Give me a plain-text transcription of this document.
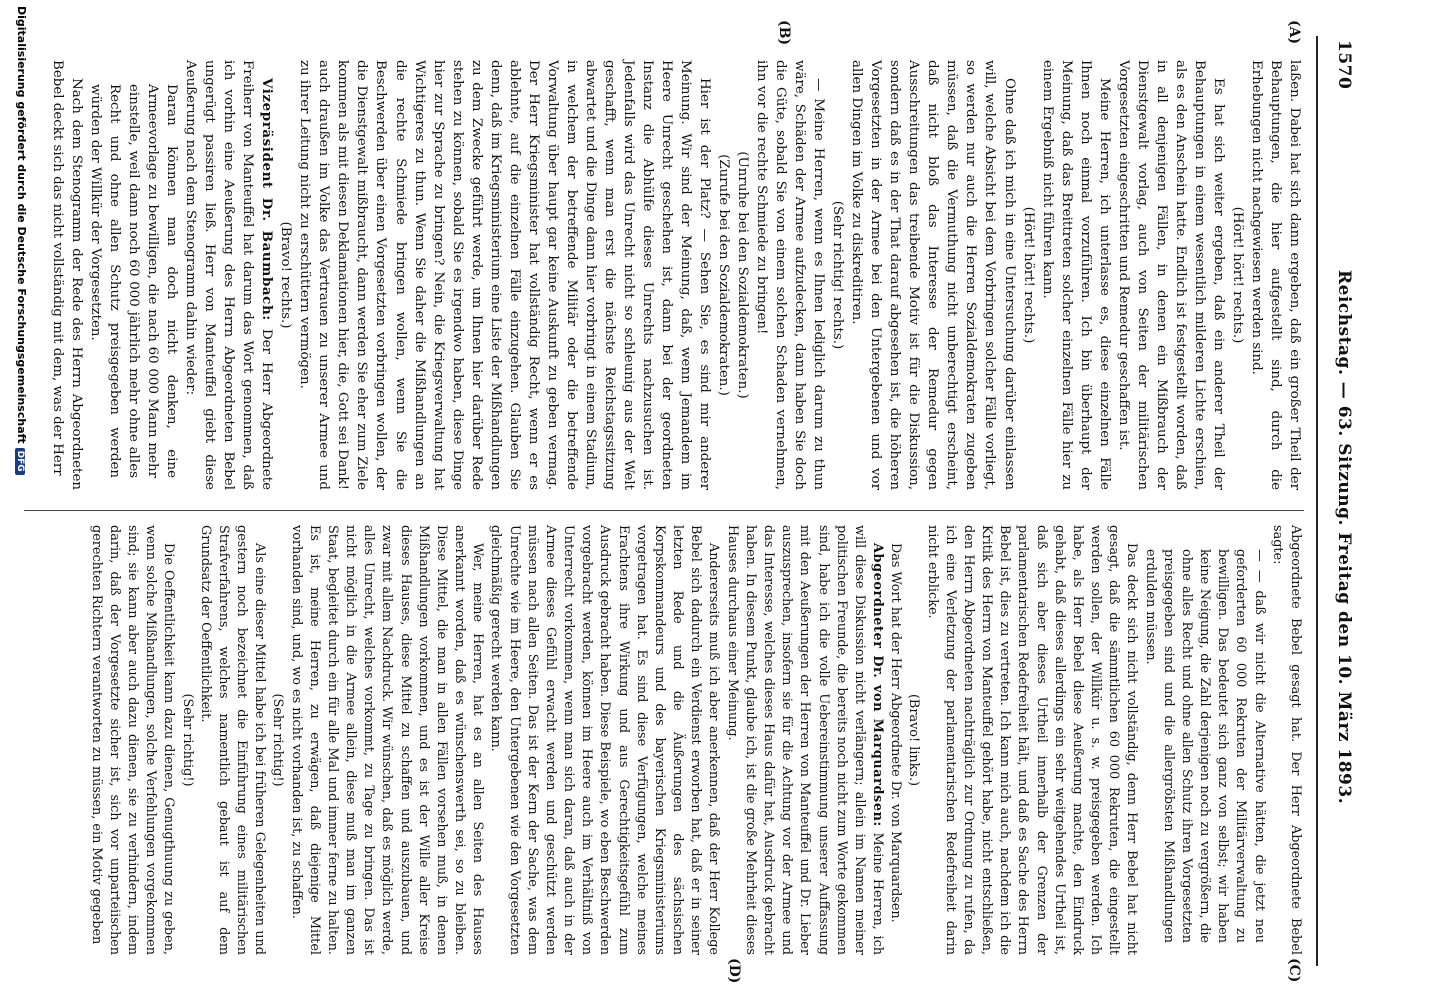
1570
Reichstag. — 63. Sitzung. Freitag den 10. März 1893.
(A)
(B)
(C)
(D)

laßen. Dabei hat sich dann ergeben, daß ein großer Theil der Behauptungen, die hier aufgestellt sind, durch die Erhebungen nicht nachgewiesen werden sind.

(Hört! hört! rechts.)

Es hat sich weiter ergeben, daß ein anderer Theil der Behauptungen in einem wesentlich milderen Lichte erschien, als es den Anschein hatte. Endlich ist festgestellt worden, daß in all denjenigen Fällen, in denen ein Mißbrauch der Dienstgewalt vorlag, auch von Seiten der militärischen Vorgesetzten eingeschritten und Remedur geschaffen ist.

Meine Herren, ich unterlasse es, diese einzelnen Fälle Ihnen noch einmal vorzuführen. Ich bin überhaupt der Meinung, daß das Breittreten solcher einzelnen Fälle hier zu einem Ergebniß nicht führen kann.

(Hört! hört! rechts.)

Ohne daß ich mich in eine Untersuchung darüber einlassen will, welche Absicht bei dem Vorbringen solcher Fälle vorliegt, so werden nur auch die Herren Sozialdemokraten zugeben müssen, daß die Vermuthung nicht unberechtigt erscheint, daß nicht bloß das Interesse der Remedur gegen Ausschreitungen das treibende Motiv ist für die Diskussion, sondern daß es in der That darauf abgesehen ist, die höheren Vorgesetzten in der Armee bei den Untergebenen und vor allen Dingen im Volke zu diskreditiren.

(Sehr richtig! rechts.)

— Meine Herren, wenn es Ihnen lediglich darum zu thun wäre, Schäden der Armee aufzudecken, dann haben Sie doch die Güte, sobald Sie von einem solchen Schaden vernehmen, ihn vor die rechte Schmiede zu bringen!

(Unruhe bei den Sozialdemokraten.)

(Zurufe bei den Sozialdemokraten.)

Hier ist der Platz? — Sehen Sie, es sind mir anderer Meinung. Wir sind der Meinung, daß, wenn Jemandem im Heere Unrecht geschehen ist, dann bei der geordneten Instanz die Abhülfe dieses Unrechts nachzusuchen ist. Jedenfalls wird das Unrecht nicht so schleunig aus der Welt geschafft, wenn man erst die nächste Reichstagssitzung abwartet und die Dinge dann hier vorbringt in einem Stadium, in welchem der betreffende Militär oder die betreffende Vorwaltung über haupt gar keine Auskunft zu geben vermag. Der Herr Kriegsminister hat vollständig Recht, wenn er es ablehnte, auf die einzelnen Fälle einzugehen. Glauben Sie denn, daß im Kriegsministerium eine Liste der Mißhandlungen zu dem Zwecke geführt werde, um Ihnen hier darüber Rede stehen zu können, sobald Sie es irgendwo haben, diese Dinge hier zur Sprache zu bringen? Nein, die Kriegsverwaltung hat Wichtigeres zu thun. Wenn Sie daher die Mißhandlungen an die rechte Schmiede bringen wollen, wenn Sie die Beschwerden über einen Vorgesetzten vorbringen wollen, der die Dienstgewalt mißbraucht, dann werden Sie eher zum Ziele kommen als mit diesen Deklamationen hier, die, Gott sei Dank! auch draußen im Volke das Vertrauen zu unserer Armee und zu ihrer Leitung nicht zu erschüttern vermögen.

(Bravo! rechts.)

Vizepräsident Dr. Baumbach: Der Herr Abgeordnete Freiherr von Manteuffel hat darum das Wort genommen, daß ich vorhin eine Aeußerung des Herrn Abgeordneten Bebel ungerügt passiren ließ. Herr von Manteuffel giebt diese Aeußerung nach dem Stenogramm dahin wieder:

Daran können man doch nicht denken, eine Armeevorlage zu bewilligen, die nach 60 000 Mann mehr einstelle, weil dann noch 60 000 jährlich mehr ohne alles Recht und ohne allen Schutz preisgegeben werden würden der Willkür der Vorgesetzten.

Nach dem Stenogramm der Rede des Herrn Abgeordneten Bebel deckt sich das nicht vollständig mit dem, was der Herr

Abgeordnete Bebel gesagt hat. Der Herr Abgeordnete Bebel sagte:

— — daß wir nicht die Alternative hätten, die jetzt neu geforderten 60 000 Rekruten der Militärverwaltung zu bewilligen. Das bedeutet sich ganz von selbst; wir haben keine Neigung, die Zahl derjenigen noch zu vergrößern, die ohne alles Recht und ohne allen Schutz ihren Vorgesetzten preisgegeben sind und die allergröbsten Mißhandlungen erdulden müssen.

Das deckt sich nicht vollständig, denn Herr Bebel hat nicht gesagt, daß die sämmtlichen 60 000 Rekruten, die eingestellt werden sollen, der Willkür u. s. w. preisgegeben werden. Ich habe, als Herr Bebel diese Aeußerung machte, den Eindruck gehabt, daß dieses allerdings ein sehr weitgehendes Urtheil ist, daß sich aber dieses Urtheil innerhalb der Grenzen der parlamentarischen Redefreiheit hält, und daß es Sache des Herrn Bebel ist, dies zu vertreten. Ich kann mich auch, nachdem ich die Kritik des Herrn von Manteuffel gehört habe, nicht entschließen, den Herrn Abgeordneten nachträglich zur Ordnung zu rufen, da ich eine Verletzung der parlamentarischen Redefreiheit darin nicht erblicke.

(Bravo! links.)

Das Wort hat der Herr Abgeordnete Dr. von Marquardsen.

Abgeordneter Dr. von Marquardsen: Meine Herren, ich will diese Diskussion nicht verlängern; allein im Namen meiner politischen Freunde, die bereits noch nicht zum Worte gekommen sind, habe ich die volle Uebereinstimmung unserer Auffassung mit den Aeußerungen der Herren von Manteuffel und Dr. Lieber auszusprechen, insofern sie für die Achtung vor der Armee und das Interesse, welches dieses Haus dafür hat, Ausdruck gebracht haben. In diesem Punkt, glaube ich, ist die große Mehrheit dieses Hauses durchaus einer Meinung.

Andererseits muß ich aber anerkennen, daß der Herr Kollege Bebel sich dadurch ein Verdienst erworben hat, daß er in seiner letzten Rede und die Äußerungen des sächsischen Korpskommandeurs und des bayerischen Kriegsministeriums vorgetragen hat. Es sind diese Verfügungen, welche meines Erachtens ihre Wirkung und aus Gerechtigkeitsgefühl zum Ausdruck gebracht haben. Diese Beispiele, wo eben Beschwerden vorgebracht werden, können im Heere auch im Verhältniß von Unterrecht vorkommen, wenn man sich daran, daß auch in der Armee dieses Gefühl erwacht werden und geschützt werden müssen nach allen Seiten. Das ist der Kern der Sache, was dem Unrechte wie im Heere, den Untergebenen wie den Vorgesetzten gleichmäßig gerecht werden kann.

Wer, meine Herren, hat es an allen Seiten des Hauses anerkannt worden, daß es wünschenswerth sei, so zu bleiben. Diese Mittel, die man in allen Fällen vorsehen muß, in denen Mißhandlungen vorkommen, und es ist der Wille aller Kreise dieses Hauses, diese Mittel zu schaffen und auszubauen, und zwar mit allem Nachdruck. Wir wünschen, daß es möglich werde, alles Unrecht, welches vorkommt, zu Tage zu bringen. Das ist nicht möglich in die Armee allein, diese muß man im ganzen Staat, begleitet durch ein für alle Mal und immer ferne zu halten. Es ist, meine Herren, zu erwägen, daß diejenige Mittel vorhanden sind, und, wo es nicht vorhanden ist, zu schaffen.

(Sehr richtig!)

Als eine dieser Mittel habe ich bei früheren Gelegenheiten und gestern noch bezeichnet die Einführung eines militärischen Strafverfahrens, welches namentlich gebaut ist auf dem Grundsatz der Oeffentlichkeit.

(Sehr richtig!)

Die Oeffentlichkeit kann dazu dienen, Genugthuung zu geben, wenn solche Mißhandlungen, solche Verfehlungen vorgekommen sind; sie kann aber auch dazu dienen, sie zu verhindern, indem darin, daß der Vorgesetzte sicher ist, sich vor unparteiischen gerechten Richtern verantworten zu müssen, ein Motiv gegeben

Digitalisierung gefördert durch die Deutsche ForschungsgemeinschaftDFG
